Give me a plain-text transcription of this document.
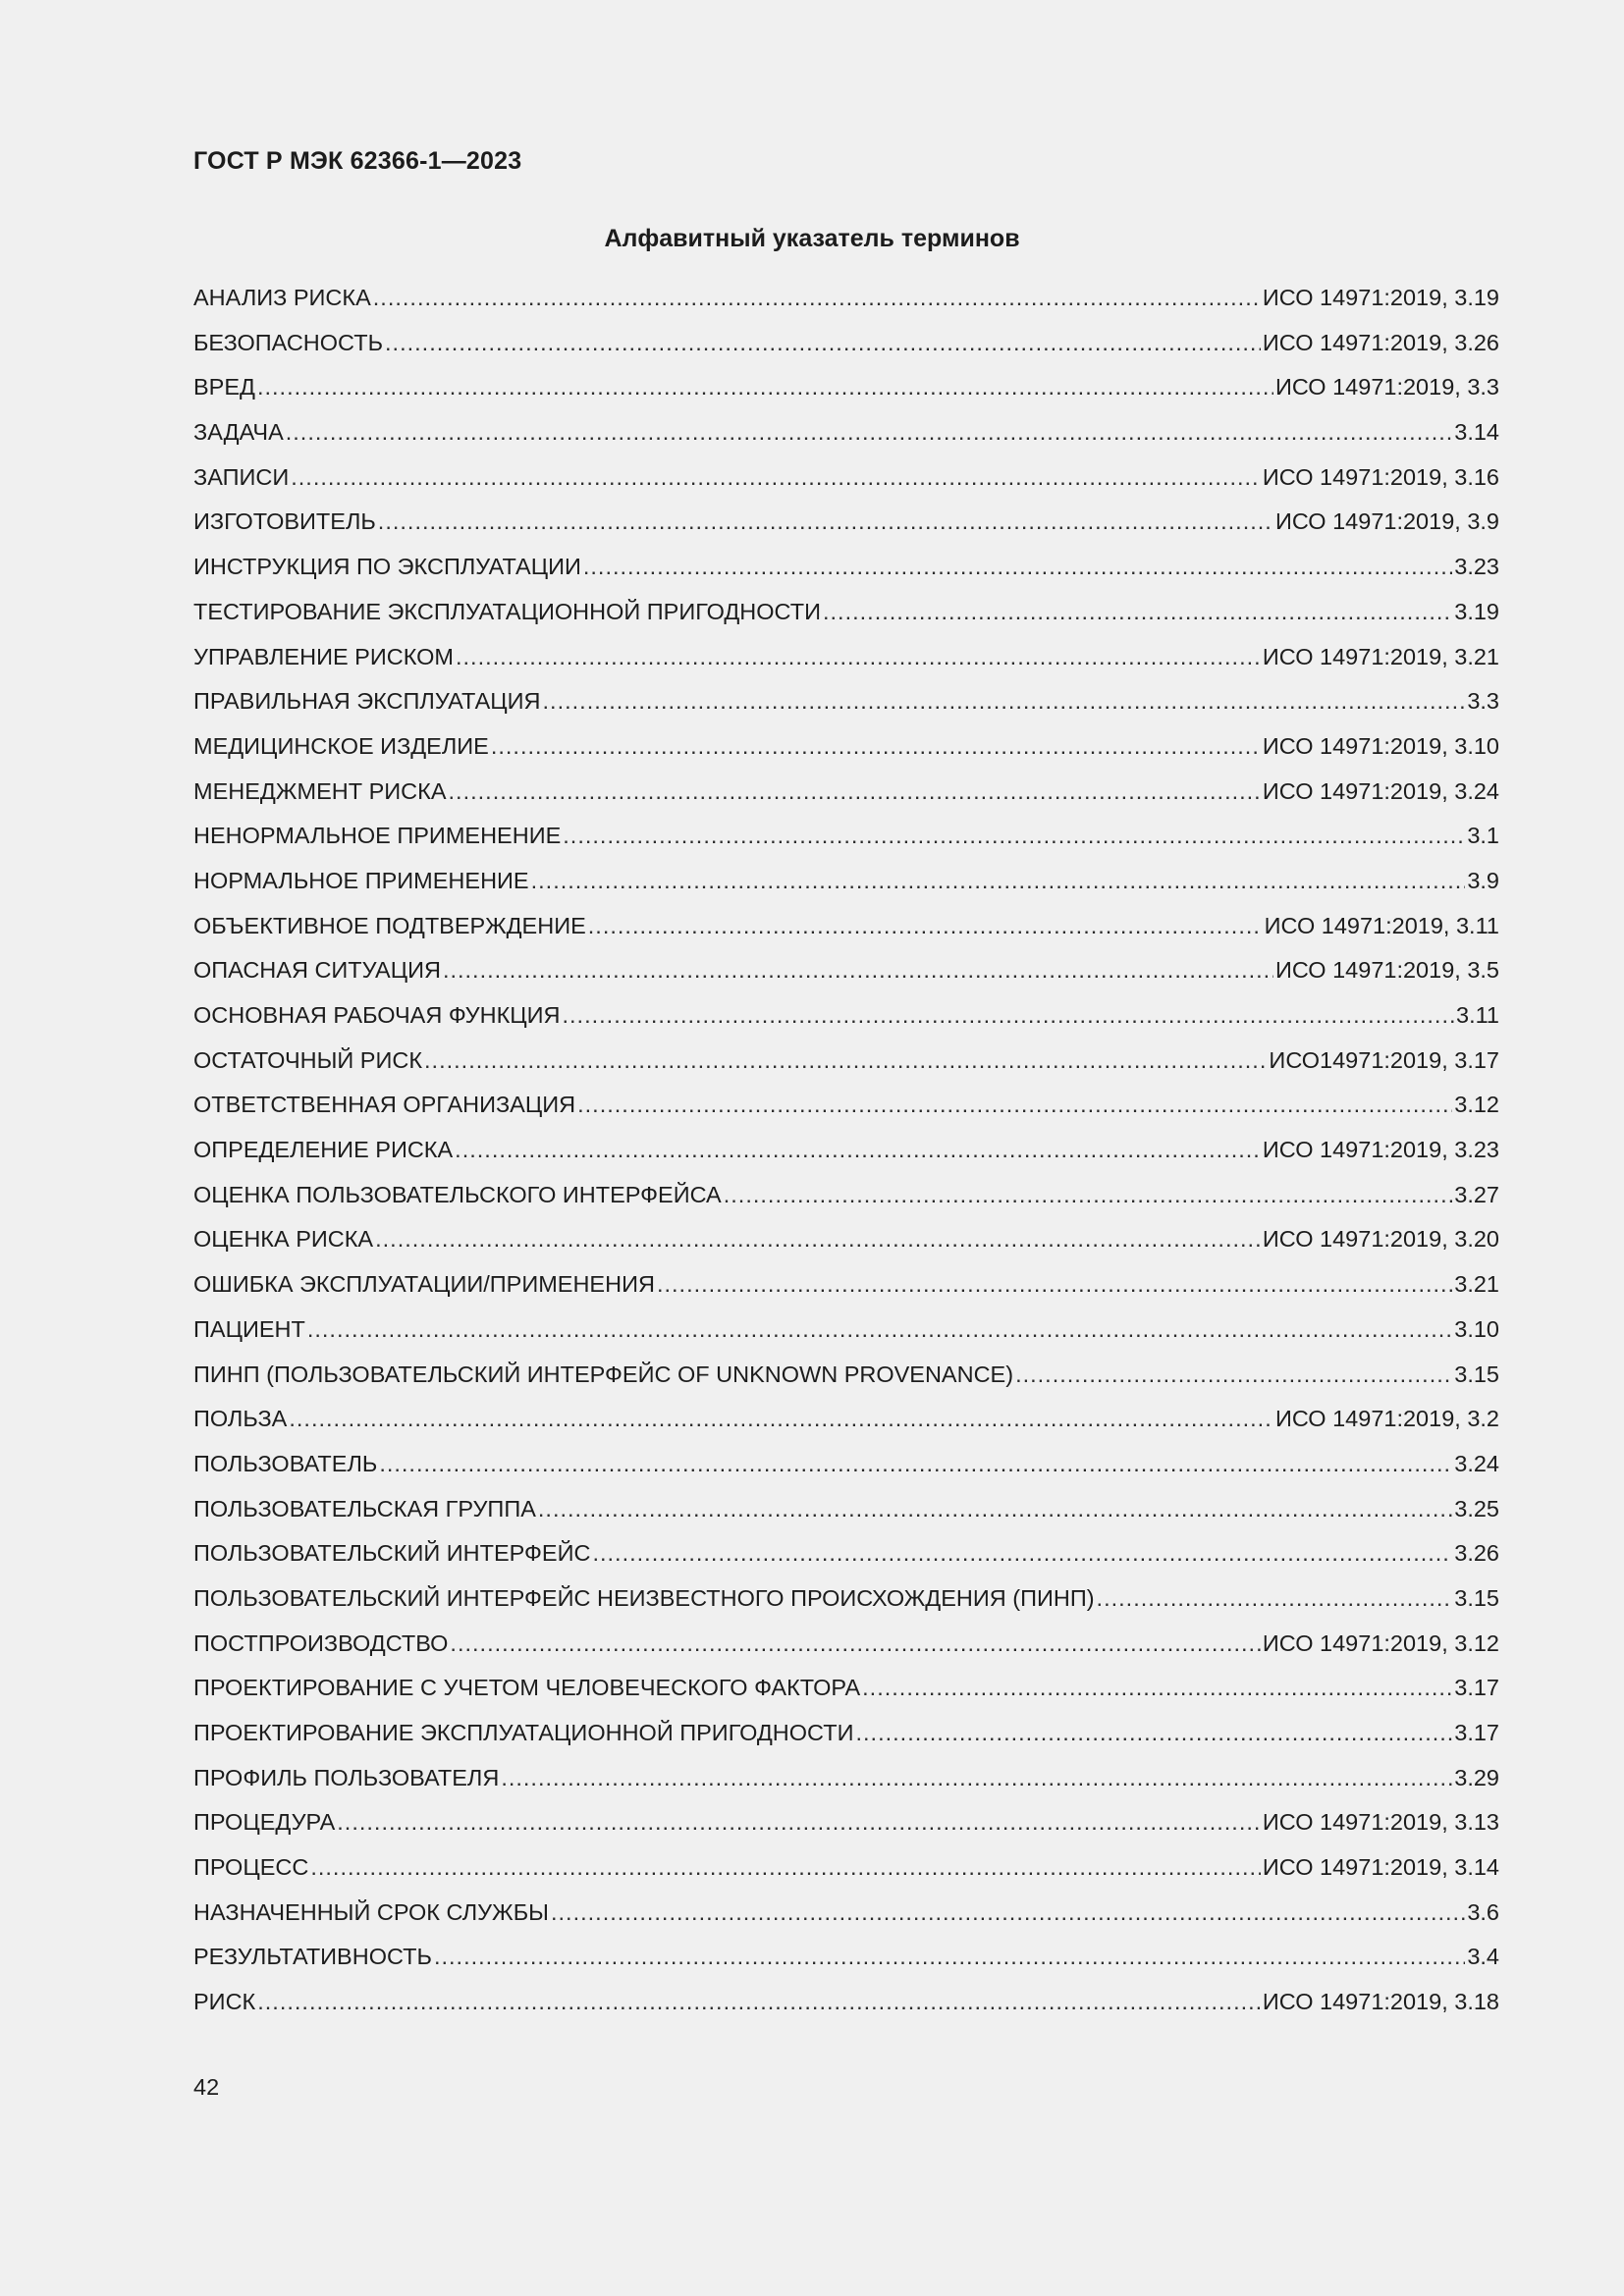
ГОСТ Р МЭК 62366-1—2023
Алфавитный указатель терминов
АНАЛИЗ РИСКА .....	ИСО 14971:2019, 3.19
БЕЗОПАСНОСТЬ .....	ИСО 14971:2019, 3.26
ВРЕД .....	ИСО 14971:2019, 3.3
ЗАДАЧА .....	3.14
ЗАПИСИ .....	ИСО 14971:2019, 3.16
ИЗГОТОВИТЕЛЬ .....	ИСО 14971:2019, 3.9
ИНСТРУКЦИЯ ПО ЭКСПЛУАТАЦИИ .....	3.23
ТЕСТИРОВАНИЕ ЭКСПЛУАТАЦИОННОЙ ПРИГОДНОСТИ .....	3.19
УПРАВЛЕНИЕ РИСКОМ .....	ИСО 14971:2019, 3.21
ПРАВИЛЬНАЯ ЭКСПЛУАТАЦИЯ .....	3.3
МЕДИЦИНСКОЕ ИЗДЕЛИЕ .....	ИСО 14971:2019, 3.10
МЕНЕДЖМЕНТ РИСКА .....	ИСО 14971:2019, 3.24
НЕНОРМАЛЬНОЕ ПРИМЕНЕНИЕ .....	3.1
НОРМАЛЬНОЕ ПРИМЕНЕНИЕ .....	3.9
ОБЪЕКТИВНОЕ ПОДТВЕРЖДЕНИЕ .....	ИСО 14971:2019, 3.11
ОПАСНАЯ СИТУАЦИЯ .....	ИСО 14971:2019, 3.5
ОСНОВНАЯ РАБОЧАЯ ФУНКЦИЯ .....	3.11
ОСТАТОЧНЫЙ РИСК .....	ИСО14971:2019, 3.17
ОТВЕТСТВЕННАЯ ОРГАНИЗАЦИЯ .....	3.12
ОПРЕДЕЛЕНИЕ РИСКА .....	ИСО 14971:2019, 3.23
ОЦЕНКА ПОЛЬЗОВАТЕЛЬСКОГО ИНТЕРФЕЙСА .....	3.27
ОЦЕНКА РИСКА .....	ИСО 14971:2019, 3.20
ОШИБКА ЭКСПЛУАТАЦИИ/ПРИМЕНЕНИЯ .....	3.21
ПАЦИЕНТ .....	3.10
ПИНП (ПОЛЬЗОВАТЕЛЬСКИЙ ИНТЕРФЕЙС OF UNKNOWN PROVENANCE) .....	3.15
ПОЛЬЗА .....	ИСО 14971:2019, 3.2
ПОЛЬЗОВАТЕЛЬ .....	3.24
ПОЛЬЗОВАТЕЛЬСКАЯ ГРУППА .....	3.25
ПОЛЬЗОВАТЕЛЬСКИЙ ИНТЕРФЕЙС .....	3.26
ПОЛЬЗОВАТЕЛЬСКИЙ ИНТЕРФЕЙС НЕИЗВЕСТНОГО ПРОИСХОЖДЕНИЯ (ПИНП) .....	3.15
ПОСТПРОИЗВОДСТВО .....	ИСО 14971:2019, 3.12
ПРОЕКТИРОВАНИЕ С УЧЕТОМ ЧЕЛОВЕЧЕСКОГО ФАКТОРА .....	3.17
ПРОЕКТИРОВАНИЕ ЭКСПЛУАТАЦИОННОЙ ПРИГОДНОСТИ .....	3.17
ПРОФИЛЬ ПОЛЬЗОВАТЕЛЯ .....	3.29
ПРОЦЕДУРА .....	ИСО 14971:2019, 3.13
ПРОЦЕСС .....	ИСО 14971:2019, 3.14
НАЗНАЧЕННЫЙ СРОК СЛУЖБЫ .....	3.6
РЕЗУЛЬТАТИВНОСТЬ .....	3.4
РИСК .....	ИСО 14971:2019, 3.18
42
